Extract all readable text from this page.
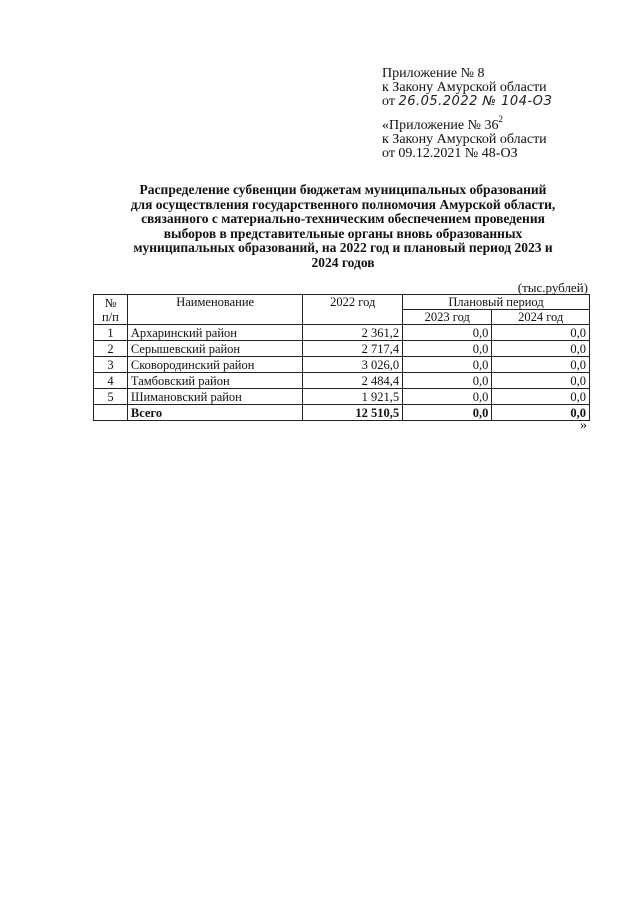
Приложение № 8
к Закону Амурской области
от 26.05.2022 № 104-ОЗ
«Приложение № $36^2$
к Закону Амурской области
от 09.12.2021 № 48-ОЗ
Распределение субвенции бюджетам муниципальных образований
для осуществления государственного полномочия Амурской области,
связанного с материально-техническим обеспечением проведения
выборов в представительные органы вновь образованных
муниципальных образований, на 2022 год и плановый период 2023 и
2024 годов
(тыс.рублей)
№
п/п	Наименование	2022 год	Плановый период	
			2023 год	2024 год
1	Архаринский район	2 361,2	0,0	0,0
2	Серышевский район	2 717,4	0,0	0,0
3	Сковородинский район	3 026,0	0,0	0,0
4	Тамбовский район	2 484,4	0,0	0,0
5	Шимановский район	1 921,5	0,0	0,0
	Всего	12 510,5	0,0	0,0
»
